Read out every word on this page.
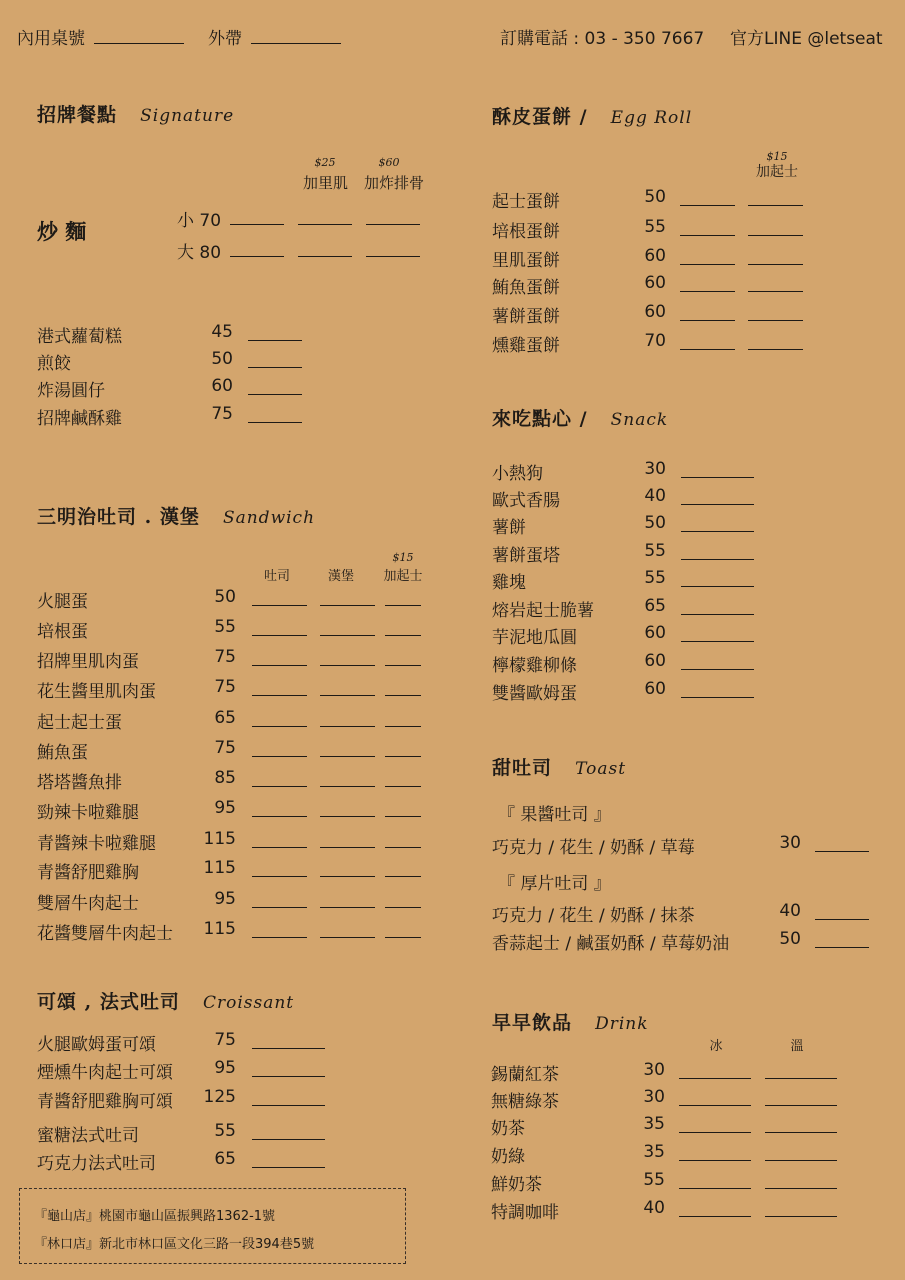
內用桌號	外帶	訂購電話 : 03 - 350 7667 官方LINE @letseat
招牌餐點 Signature
$25	$60
加里肌 加炸排骨
炒 麵	小 70
大 80
港式蘿蔔糕	45
煎餃	50
炸湯圓仔	60
招牌鹹酥雞	75
三明治吐司 . 漢堡 Sandwich
$15
吐司	漢堡	加起士
火腿蛋	50
培根蛋	55
招牌里肌肉蛋	75
花生醬里肌肉蛋	75
起士起士蛋	65
鮪魚蛋	75
塔塔醬魚排	85
勁辣卡啦雞腿	95
青醬辣卡啦雞腿	115
青醬舒肥雞胸	115
雙層牛肉起士	95
花醬雙層牛肉起士	115
可頌 , 法式吐司 Croissant
火腿歐姆蛋可頌	75
煙燻牛肉起士可頌	95
青醬舒肥雞胸可頌	125
蜜糖法式吐司	55
巧克力法式吐司	65
『龜山店』桃園市龜山區振興路1362-1號
『林口店』新北市林口區文化三路一段394巷5號
酥皮蛋餅 / Egg Roll
$15
加起士
起士蛋餅	50
培根蛋餅	55
里肌蛋餅	60
鮪魚蛋餅	60
薯餅蛋餅	60
燻雞蛋餅	70
來吃點心 / Snack
小熱狗	30
歐式香腸	40
薯餅	50
薯餅蛋塔	55
雞塊	55
熔岩起士脆薯	65
芋泥地瓜圓	60
檸檬雞柳條	60
雙醬歐姆蛋	60
甜吐司 Toast
『 果醬吐司 』
『 厚片吐司 』
巧克力 / 花生 / 奶酥 / 草莓	30
巧克力 / 花生 / 奶酥 / 抹茶	40
香蒜起士 / 鹹蛋奶酥 / 草莓奶油	50
早早飲品 Drink
冰	溫
錫蘭紅茶	30
無糖綠茶	30
奶茶	35
奶綠	35
鮮奶茶	55
特調咖啡	40
